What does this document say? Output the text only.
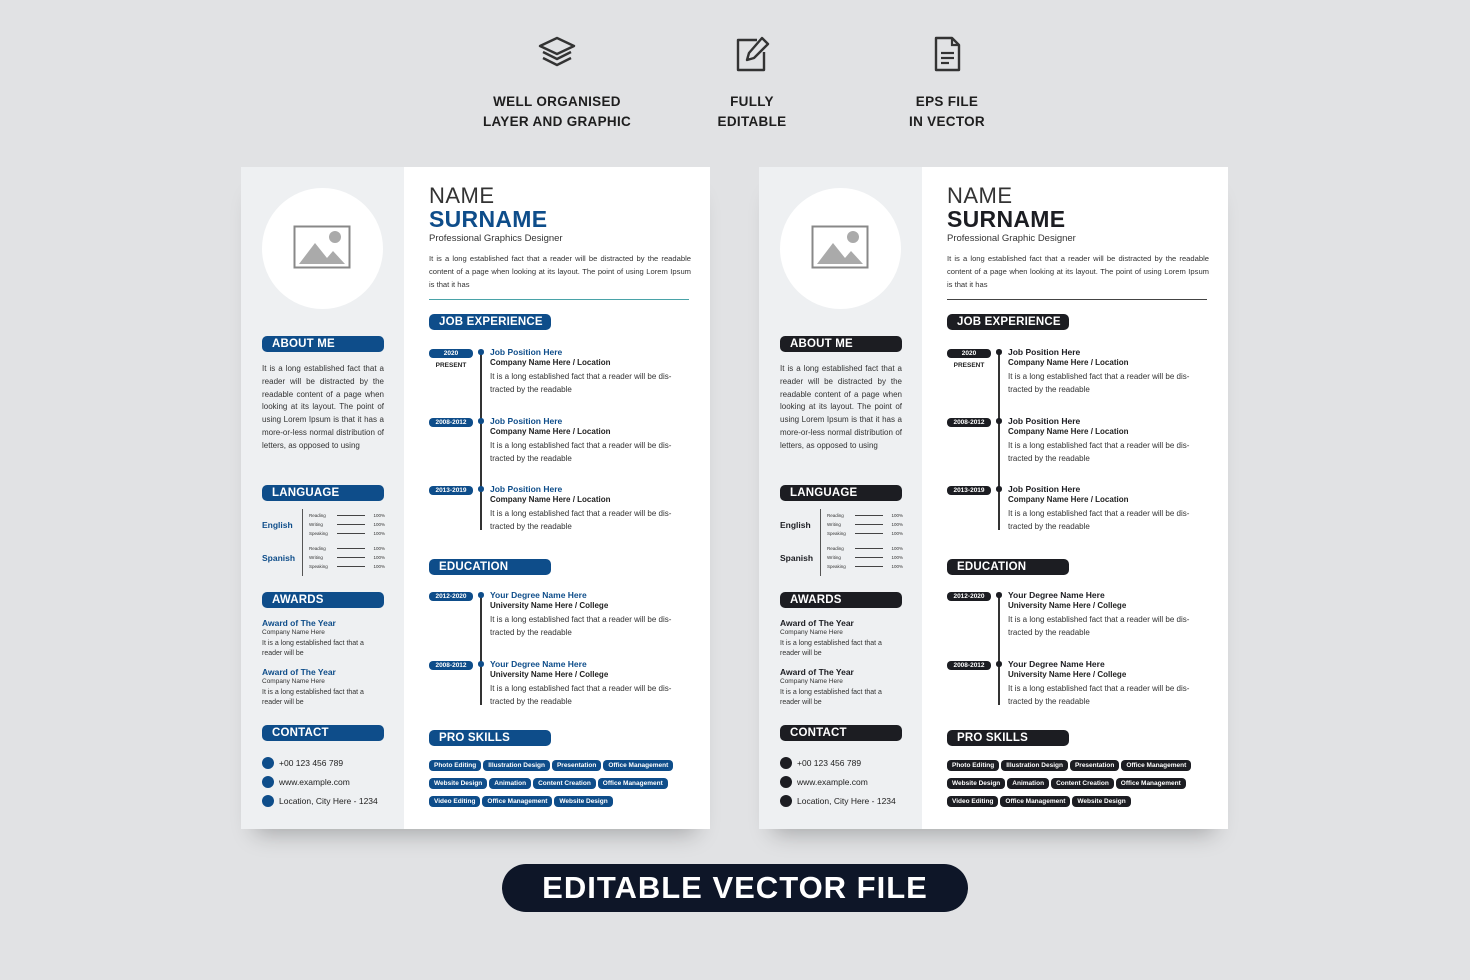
WELL ORGANISED
LAYER AND GRAPHIC
FULLY
EDITABLE
EPS FILE
IN VECTOR
ABOUT ME
It is a long established fact that a reader will be distracted by the readable content of a page when looking at its layout. The point of using Lorem Ipsum is that it has a more-or-less normal distribution of letters, as opposed to using
LANGUAGE
English
Reading	100%
Writing	100%
Speaking	100%
Spanish
Reading	100%
Writing	100%
Speaking	100%
AWARDS
Award of The Year
Company Name Here
It is a long established fact that a reader will be
Award of The Year
Company Name Here
It is a long established fact that a reader will be
CONTACT
+00 123 456 789
www.example.com
Location, City Here - 1234
NAME
SURNAME
Professional Graphics Designer
It is a long established fact that a reader will be distracted by the readable content of a page when looking at its layout. The point of using Lorem Ipsum is that it has
JOB EXPERIENCE
2020
PRESENT
Job Position Here
Company Name Here / Location
It is a long established fact that a reader will be dis- tracted by the readable
2008-2012	Job Position Here
Company Name Here / Location
It is a long established fact that a reader will be dis- tracted by the readable
2013-2019	Job Position Here
Company Name Here / Location
It is a long established fact that a reader will be dis- tracted by the readable
EDUCATION
2012-2020	Your Degree Name Here
University Name Here / College
It is a long established fact that a reader will be dis- tracted by the readable
2008-2012	Your Degree Name Here
University Name Here / College
It is a long established fact that a reader will be dis- tracted by the readable
PRO SKILLS
Photo Editing Illustration Design Presentation Office ManagementWebsite Design Animation Content Creation Office ManagementVideo Editing Office Management Website Design
ABOUT ME
It is a long established fact that a reader will be distracted by the readable content of a page when looking at its layout. The point of using Lorem Ipsum is that it has a more-or-less normal distribution of letters, as opposed to using
LANGUAGE
English
Reading	100%
Writing	100%
Speaking	100%
Spanish
Reading	100%
Writing	100%
Speaking	100%
AWARDS
Award of The Year
Company Name Here
It is a long established fact that a reader will be
Award of The Year
Company Name Here
It is a long established fact that a reader will be
CONTACT
+00 123 456 789
www.example.com
Location, City Here - 1234
NAME
SURNAME
Professional Graphic Designer
It is a long established fact that a reader will be distracted by the readable content of a page when looking at its layout. The point of using Lorem Ipsum is that it has
JOB EXPERIENCE
2020
PRESENT
Job Position Here
Company Name Here / Location
It is a long established fact that a reader will be dis- tracted by the readable
2008-2012	Job Position Here
Company Name Here / Location
It is a long established fact that a reader will be dis- tracted by the readable
2013-2019	Job Position Here
Company Name Here / Location
It is a long established fact that a reader will be dis- tracted by the readable
EDUCATION
2012-2020	Your Degree Name Here
University Name Here / College
It is a long established fact that a reader will be dis- tracted by the readable
2008-2012	Your Degree Name Here
University Name Here / College
It is a long established fact that a reader will be dis- tracted by the readable
PRO SKILLS
Photo Editing Illustration Design Presentation Office ManagementWebsite Design Animation Content Creation Office ManagementVideo Editing Office Management Website Design
EDITABLE VECTOR FILE
